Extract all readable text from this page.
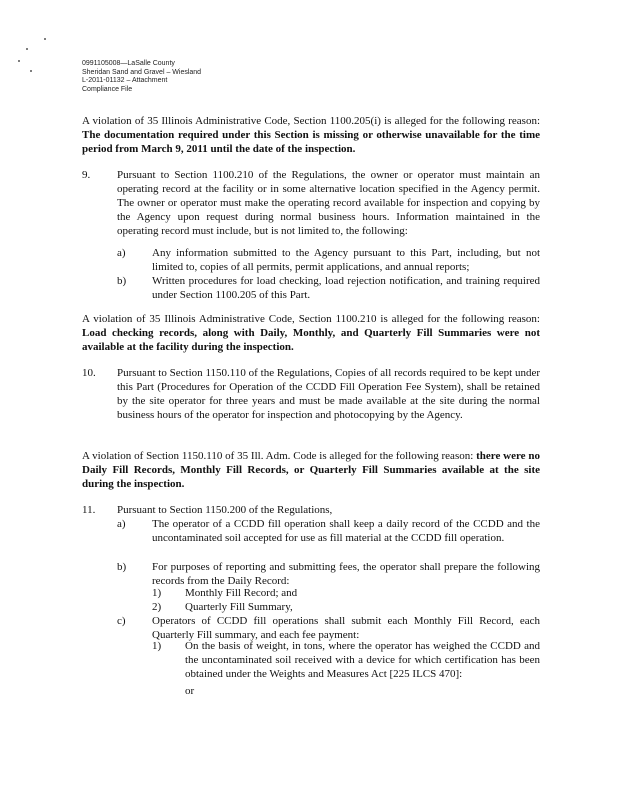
0991105008—LaSalle County
Sheridan Sand and Gravel – Wiesland
L-2011-01132 – Attachment
Compliance File
A violation of 35 Illinois Administrative Code, Section 1100.205(i) is alleged for the following reason: The documentation required under this Section is missing or otherwise unavailable for the time period from March 9, 2011 until the date of the inspection.
9. Pursuant to Section 1100.210 of the Regulations, the owner or operator must maintain an operating record at the facility or in some alternative location specified in the Agency permit. The owner or operator must make the operating record available for inspection and copying by the Agency upon request during normal business hours. Information maintained in the operating record must include, but is not limited to, the following:
a) Any information submitted to the Agency pursuant to this Part, including, but not limited to, copies of all permits, permit applications, and annual reports;
b) Written procedures for load checking, load rejection notification, and training required under Section 1100.205 of this Part.
A violation of 35 Illinois Administrative Code, Section 1100.210 is alleged for the following reason: Load checking records, along with Daily, Monthly, and Quarterly Fill Summaries were not available at the facility during the inspection.
10. Pursuant to Section 1150.110 of the Regulations, Copies of all records required to be kept under this Part (Procedures for Operation of the CCDD Fill Operation Fee System), shall be retained by the site operator for three years and must be made available at the site during the normal business hours of the operator for inspection and photocopying by the Agency.
A violation of Section 1150.110 of 35 Ill. Adm. Code is alleged for the following reason: there were no Daily Fill Records, Monthly Fill Records, or Quarterly Fill Summaries available at the site during the inspection.
11. Pursuant to Section 1150.200 of the Regulations,
a) The operator of a CCDD fill operation shall keep a daily record of the CCDD and the uncontaminated soil accepted for use as fill material at the CCDD fill operation.
b) For purposes of reporting and submitting fees, the operator shall prepare the following records from the Daily Record:
1) Monthly Fill Record; and
2) Quarterly Fill Summary,
c) Operators of CCDD fill operations shall submit each Monthly Fill Record, each Quarterly Fill summary, and each fee payment:
1) On the basis of weight, in tons, where the operator has weighed the CCDD and the uncontaminated soil received with a device for which certification has been obtained under the Weights and Measures Act [225 ILCS 470]:
or
